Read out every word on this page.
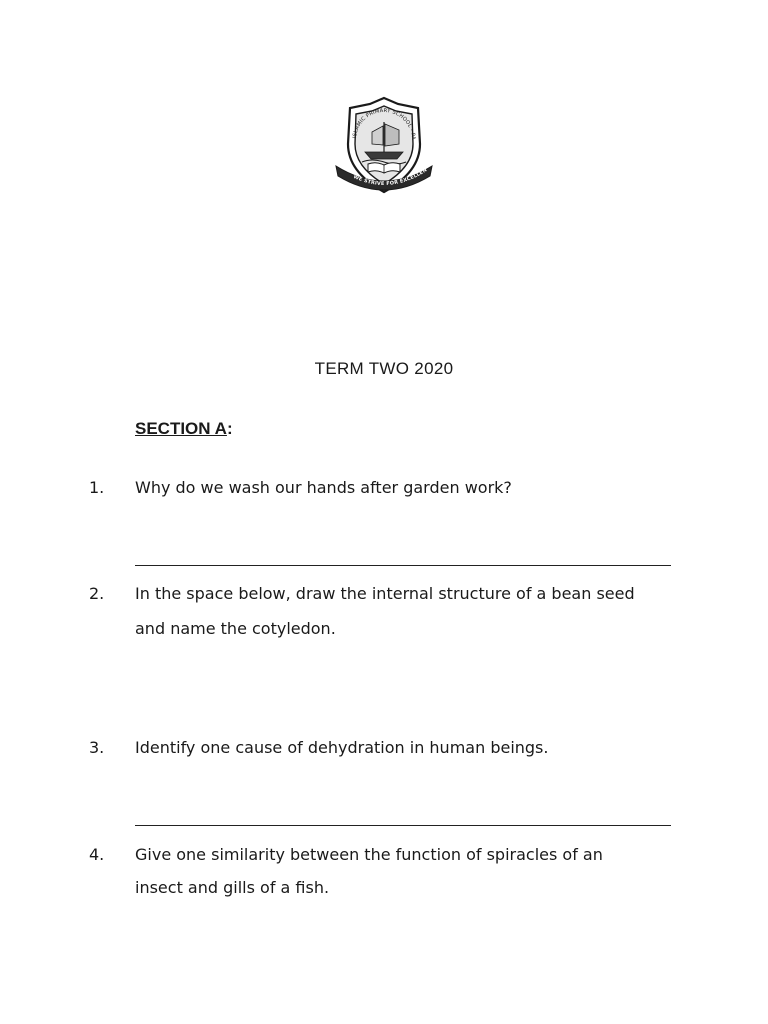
ISLAMIC PRIMARY SCHOOL - PA
WE STRIVE FOR EXCELLEN
TERM TWO 2020
SECTION A:
1. Why do we wash our hands after garden work?
2. In the space below, draw the internal structure of a bean seed
and name the cotyledon.
3. Identify one cause of dehydration in human beings.
4. Give one similarity between the function of spiracles of an
insect and gills of a fish.
